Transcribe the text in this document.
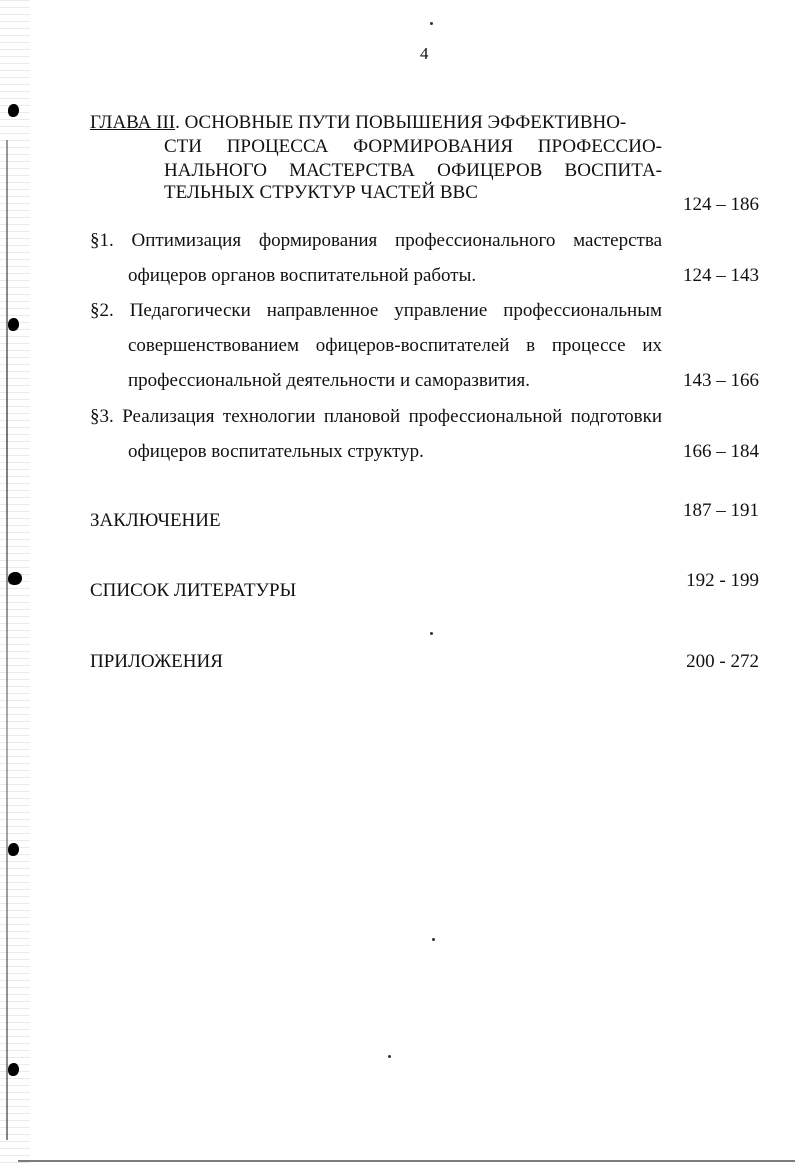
4
ГЛАВА III. ОСНОВНЫЕ ПУТИ ПОВЫШЕНИЯ ЭФФЕКТИВНО-
СТИ ПРОЦЕССА ФОРМИРОВАНИЯ ПРОФЕССИО-
НАЛЬНОГО МАСТЕРСТВА ОФИЦЕРОВ ВОСПИТА-
ТЕЛЬНЫХ СТРУКТУР ЧАСТЕЙ ВВС
124 – 186
§1. Оптимизация формирования профессионального мастерства
офицеров органов воспитательной работы.	124 – 143
§2. Педагогически направленное управление профессиональным
совершенствованием офицеров-воспитателей в процессе их
профессиональной деятельности и саморазвития.	143 – 166
§3. Реализация технологии плановой профессиональной подготовки
офицеров воспитательных структур.	166 – 184
ЗАКЛЮЧЕНИЕ	187 – 191
СПИСОК ЛИТЕРАТУРЫ	192 - 199
ПРИЛОЖЕНИЯ	200 - 272
